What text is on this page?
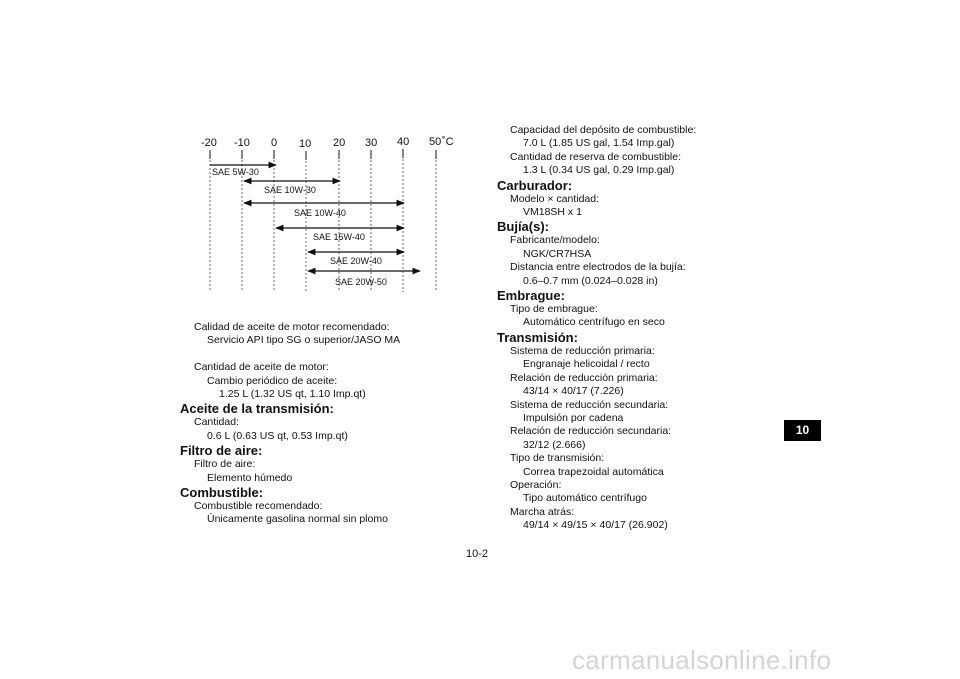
-20 -10 0 10 20 30 40 50 ˚C
SAE 5W-30
SAE 10W-30
SAE 10W-40
SAE 15W-40
SAE 20W-40
SAE 20W-50
Calidad de aceite de motor recomendado:
Servicio API tipo SG o superior/JASO MA
Cantidad de aceite de motor:
Cambio periódico de aceite:
1.25 L (1.32 US qt, 1.10 Imp.qt)
Aceite de la transmisión:
Cantidad:
0.6 L (0.63 US qt, 0.53 Imp.qt)
Filtro de aire:
Filtro de aire:
Elemento húmedo
Combustible:
Combustible recomendado:
Únicamente gasolina normal sin plomo
Capacidad del depósito de combustible:
7.0 L (1.85 US gal, 1.54 Imp.gal)
Cantidad de reserva de combustible:
1.3 L (0.34 US gal, 0.29 Imp.gal)
Carburador:
Modelo × cantidad:
VM18SH x 1
Bujía(s):
Fabricante/modelo:
NGK/CR7HSA
Distancia entre electrodos de la bujía:
0.6–0.7 mm (0.024–0.028 in)
Embrague:
Tipo de embrague:
Automático centrífugo en seco
Transmisión:
Sistema de reducción primaria:
Engranaje helicoidal / recto
Relación de reducción primaria:
43/14 × 40/17 (7.226)
Sistema de reducción secundaria:
Impulsión por cadena
Relación de reducción secundaria:
32/12 (2.666)
Tipo de transmisión:
Correa trapezoidal automática
Operación:
Tipo automático centrífugo
Marcha atrás:
49/14 × 49/15 × 40/17 (26.902)
10
10-2
carmanualsonline.info
